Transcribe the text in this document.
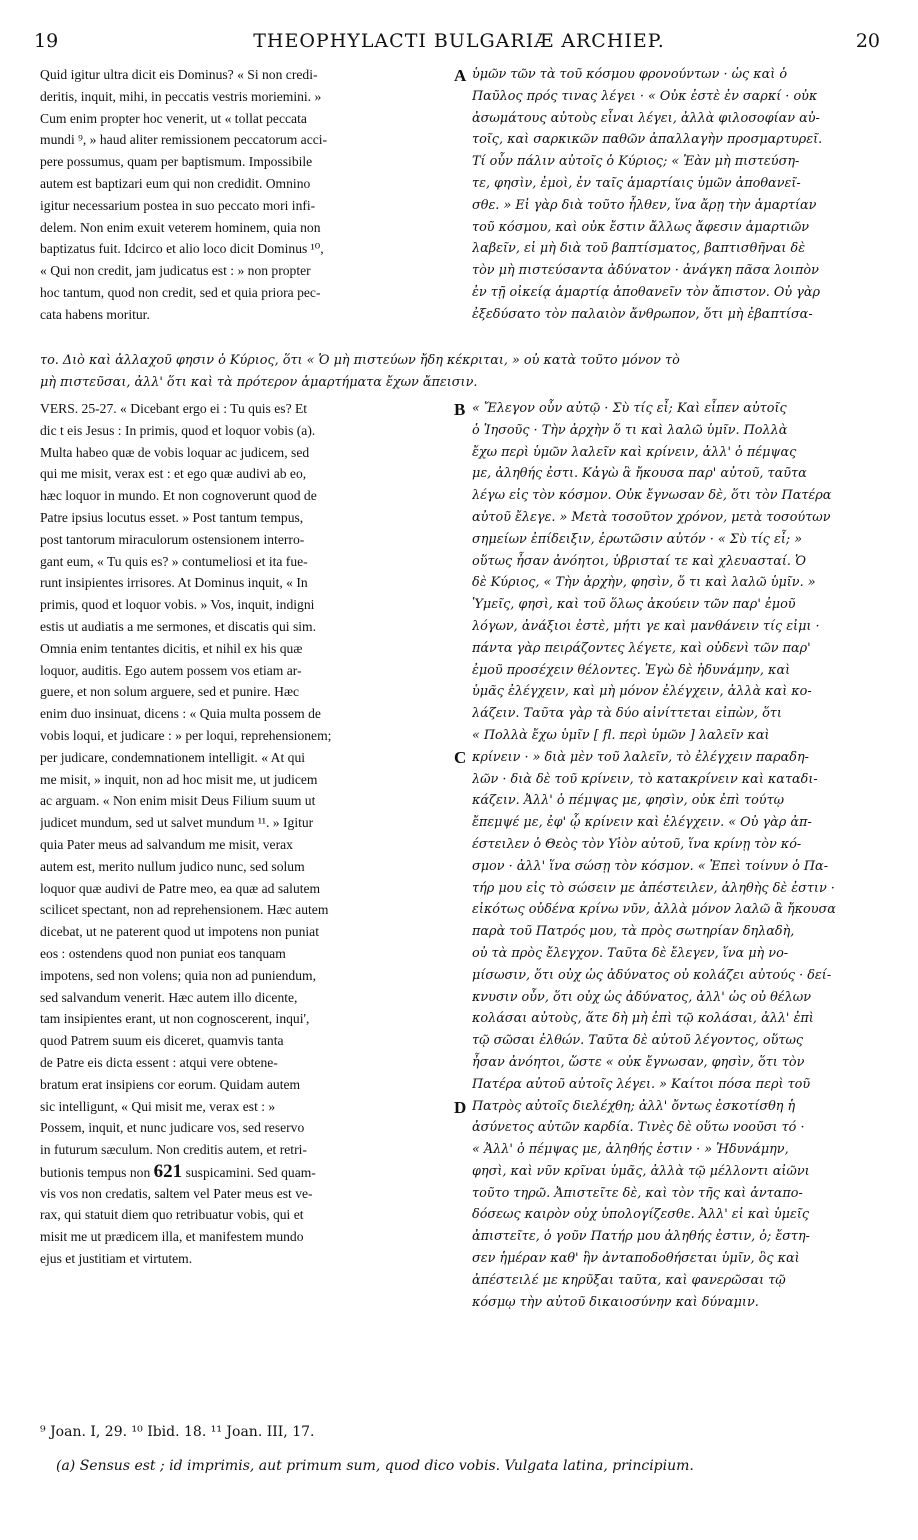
19	THEOPHYLACTI BULGARIÆ ARCHIEP.	20
Quid igitur ultra dicit eis Dominus? « Si non credi-
deritis, inquit, mihi, in peccatis vestris moriemini. »
Cum enim propter hoc venerit, ut « tollat peccata
mundi ⁹, » haud aliter remissionem peccatorum acci-
pere possumus, quam per baptismum. Impossibile
autem est baptizari eum qui non credidit. Omnino
igitur necessarium postea in suo peccato mori infi-
delem. Non enim exuit veterem hominem, quia non
baptizatus fuit. Idcirco et alio loco dicit Dominus ¹⁰,
« Qui non credit, jam judicatus est : » non propter
hoc tantum, quod non credit, sed et quia priora pec-
cata habens moritur.
A ὑμῶν τῶν τὰ τοῦ κόσμου φρονούντων · ὡς καὶ ὁ
Παῦλος πρός τινας λέγει · « Οὐκ ἐστὲ ἐν σαρκί · οὐκ
ἀσωμάτους αὐτοὺς εἶναι λέγει, ἀλλὰ φιλοσοφίαν αὐ-
τοῖς, καὶ σαρκικῶν παθῶν ἀπαλλαγὴν προσμαρτυρεῖ.
Τί οὖν πάλιν αὐτοῖς ὁ Κύριος; « Ἐὰν μὴ πιστεύση-
τε, φησὶν, ἐμοὶ, ἐν ταῖς ἁμαρτίαις ὑμῶν ἀποθανεῖ-
σθε. » Εἰ γὰρ διὰ τοῦτο ἦλθεν, ἵνα ἄρῃ τὴν ἁμαρτίαν
τοῦ κόσμου, καὶ οὐκ ἔστιν ἄλλως ἄφεσιν ἁμαρτιῶν
λαβεῖν, εἰ μὴ διὰ τοῦ βαπτίσματος, βαπτισθῆναι δὲ
τὸν μὴ πιστεύσαντα ἀδύνατον · ἀνάγκη πᾶσα λοιπὸν
ἐν τῇ οἰκείᾳ ἁμαρτίᾳ ἀποθανεῖν τὸν ἄπιστον. Οὐ γὰρ
ἐξεδύσατο τὸν παλαιὸν ἄνθρωπον, ὅτι μὴ ἐβαπτίσα-
το. Διὸ καὶ ἀλλαχοῦ φησιν ὁ Κύριος, ὅτι « Ὁ μὴ πιστεύων ἤδη κέκριται, » οὐ κατὰ τοῦτο μόνον τὸ
μὴ πιστεῦσαι, ἀλλ' ὅτι καὶ τὰ πρότερον ἁμαρτήματα ἔχων ἄπεισιν.
VERS. 25-27. « Dicebant ergo ei : Tu quis es? Et
dic t eis Jesus : In primis, quod et loquor vobis (a).
Multa habeo quæ de vobis loquar ac judicem, sed
qui me misit, verax est : et ego quæ audivi ab eo,
hæc loquor in mundo. Et non cognoverunt quod de
Patre ipsius locutus esset. » Post tantum tempus,
post tantorum miraculorum ostensionem interro-
gant eum, « Tu quis es? » contumeliosi et ita fue-
runt insipientes irrisores. At Dominus inquit, « In
primis, quod et loquor vobis. » Vos, inquit, indigni
estis ut audiatis a me sermones, et discatis qui sim.
Omnia enim tentantes dicitis, et nihil ex his quæ
loquor, auditis. Ego autem possem vos etiam ar-
guere, et non solum arguere, sed et punire. Hæc
enim duo insinuat, dicens : « Quia multa possem de
vobis loqui, et judicare : » per loqui, reprehensionem;
per judicare, condemnationem intelligit. « At qui
me misit, » inquit, non ad hoc misit me, ut judicem
ac arguam. « Non enim misit Deus Filium suum ut
judicet mundum, sed ut salvet mundum ¹¹. » Igitur
quia Pater meus ad salvandum me misit, verax
autem est, merito nullum judico nunc, sed solum
loquor quæ audivi de Patre meo, ea quæ ad salutem
scilicet spectant, non ad reprehensionem. Hæc autem
dicebat, ut ne paterent quod ut impotens non puniat
eos : ostendens quod non puniat eos tanquam
impotens, sed non volens; quia non ad puniendum,
sed salvandum venerit. Hæc autem illo dicente,
tam insipientes erant, ut non cognoscerent, inqui',
quod Patrem suum eis diceret, quamvis tanta
de Patre eis dicta essent : atqui vere obtene-
bratum erat insipiens cor eorum. Quidam autem
sic intelligunt, « Qui misit me, verax est : »
Possem, inquit, et nunc judicare vos, sed reservo
in futurum sæculum. Non creditis autem, et retri-
butionis tempus non 621 suspicamini. Sed quam-
vis vos non credatis, saltem vel Pater meus est ve-
rax, qui statuit diem quo retribuatur vobis, qui et
misit me ut prædicem illa, et manifestem mundo
ejus et justitiam et virtutem.
B
C
D
« Ἔλεγον οὖν αὐτῷ · Σὺ τίς εἶ; Καὶ εἶπεν αὐτοῖς
ὁ Ἰησοῦς · Τὴν ἀρχὴν ὅ τι καὶ λαλῶ ὑμῖν. Πολλὰ
ἔχω περὶ ὑμῶν λαλεῖν καὶ κρίνειν, ἀλλ' ὁ πέμψας
με, ἀληθής ἐστι. Κἀγὼ ἃ ἤκουσα παρ' αὐτοῦ, ταῦτα
λέγω εἰς τὸν κόσμον. Οὐκ ἔγνωσαν δὲ, ὅτι τὸν Πατέρα
αὐτοῦ ἔλεγε. » Μετὰ τοσοῦτον χρόνον, μετὰ τοσούτων
σημείων ἐπίδειξιν, ἐρωτῶσιν αὐτόν · « Σὺ τίς εἶ; »
οὕτως ἦσαν ἀνόητοι, ὑβρισταί τε καὶ χλευασταί. Ὁ
δὲ Κύριος, « Τὴν ἀρχὴν, φησὶν, ὅ τι καὶ λαλῶ ὑμῖν. »
Ὑμεῖς, φησὶ, καὶ τοῦ ὅλως ἀκούειν τῶν παρ' ἐμοῦ
λόγων, ἀνάξιοι ἐστὲ, μήτι γε καὶ μανθάνειν τίς εἰμι ·
πάντα γὰρ πειράζοντες λέγετε, καὶ οὐδενὶ τῶν παρ'
ἐμοῦ προσέχειν θέλοντες. Ἐγὼ δὲ ἠδυνάμην, καὶ
ὑμᾶς ἐλέγχειν, καὶ μὴ μόνον ἐλέγχειν, ἀλλὰ καὶ κο-
λάζειν. Ταῦτα γὰρ τὰ δύο αἰνίττεται εἰπὼν, ὅτι
« Πολλὰ ἔχω ὑμῖν [ fl. περὶ ὑμῶν ] λαλεῖν καὶ
κρίνειν · » διὰ μὲν τοῦ λαλεῖν, τὸ ἐλέγχειν παραδη-
λῶν · διὰ δὲ τοῦ κρίνειν, τὸ κατακρίνειν καὶ καταδι-
κάζειν. Ἀλλ' ὁ πέμψας με, φησὶν, οὐκ ἐπὶ τούτῳ
ἔπεμψέ με, ἐφ' ᾧ κρίνειν καὶ ἐλέγχειν. « Οὐ γὰρ ἀπ-
έστειλεν ὁ Θεὸς τὸν Υἱὸν αὐτοῦ, ἵνα κρίνῃ τὸν κό-
σμον · ἀλλ' ἵνα σώσῃ τὸν κόσμον. « Ἐπεὶ τοίνυν ὁ Πα-
τήρ μου εἰς τὸ σώσειν με ἀπέστειλεν, ἀληθὴς δὲ ἐστιν ·
εἰκότως οὐδένα κρίνω νῦν, ἀλλὰ μόνον λαλῶ ἃ ἤκουσα
παρὰ τοῦ Πατρός μου, τὰ πρὸς σωτηρίαν δηλαδὴ,
οὐ τὰ πρὸς ἔλεγχον. Ταῦτα δὲ ἔλεγεν, ἵνα μὴ νο-
μίσωσιν, ὅτι οὐχ ὡς ἀδύνατος οὐ κολάζει αὐτούς · δεί-
κνυσιν οὖν, ὅτι οὐχ ὡς ἀδύνατος, ἀλλ' ὡς οὐ θέλων
κολάσαι αὐτοὺς, ἅτε δὴ μὴ ἐπὶ τῷ κολάσαι, ἀλλ' ἐπὶ
τῷ σῶσαι ἐλθών. Ταῦτα δὲ αὐτοῦ λέγοντος, οὕτως
ἦσαν ἀνόητοι, ὥστε « οὐκ ἔγνωσαν, φησὶν, ὅτι τὸν
Πατέρα αὐτοῦ αὐτοῖς λέγει. » Καίτοι πόσα περὶ τοῦ
Πατρὸς αὐτοῖς διελέχθη; ἀλλ' ὄντως ἐσκοτίσθη ἡ
ἀσύνετος αὐτῶν καρδία. Τινὲς δὲ οὕτω νοοῦσι τό ·
« Ἀλλ' ὁ πέμψας με, ἀληθής ἐστιν · » Ἠδυνάμην,
φησὶ, καὶ νῦν κρῖναι ὑμᾶς, ἀλλὰ τῷ μέλλοντι αἰῶνι
τοῦτο τηρῶ. Ἀπιστεῖτε δὲ, καὶ τὸν τῆς καὶ ἀνταπο-
δόσεως καιρὸν οὐχ ὑπολογίζεσθε. Ἀλλ' εἰ καὶ ὑμεῖς
ἀπιστεῖτε, ὁ γοῦν Πατήρ μου ἀληθής ἐστιν, ὁ; ἔστη-
σεν ἡμέραν καθ' ἣν ἀνταποδοθήσεται ὑμῖν, ὃς καὶ
ἀπέστειλέ με κηρῦξαι ταῦτα, καὶ φανερῶσαι τῷ
κόσμῳ τὴν αὐτοῦ δικαιοσύνην καὶ δύναμιν.
⁹ Joan. I, 29. ¹⁰ Ibid. 18. ¹¹ Joan. III, 17.
(a) Sensus est ; id imprimis, aut primum sum, quod dico vobis. Vulgata latina, principium.
